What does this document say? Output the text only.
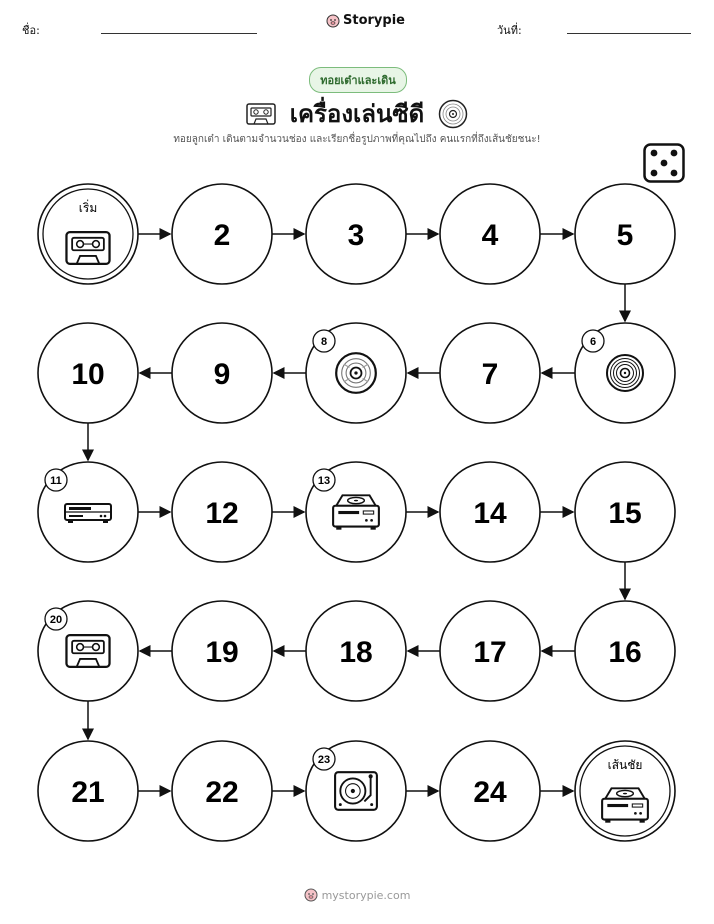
ชื่อ:
Storypie
วันที่:
ทอยเต๋าและเดิน
เครื่องเล่นซีดี
ทอยลูกเต๋า เดินตามจำนวนช่อง และเรียกชื่อรูปภาพที่คุณไปถึง คนแรกที่ถึงเส้นชัยชนะ!
เริ่ม
2	3	4	5
6
7
8
9
10
11
12
13
14	15
16
17
18
19
20
21	22
23
24
เส้นชัย
mystorypie.com
